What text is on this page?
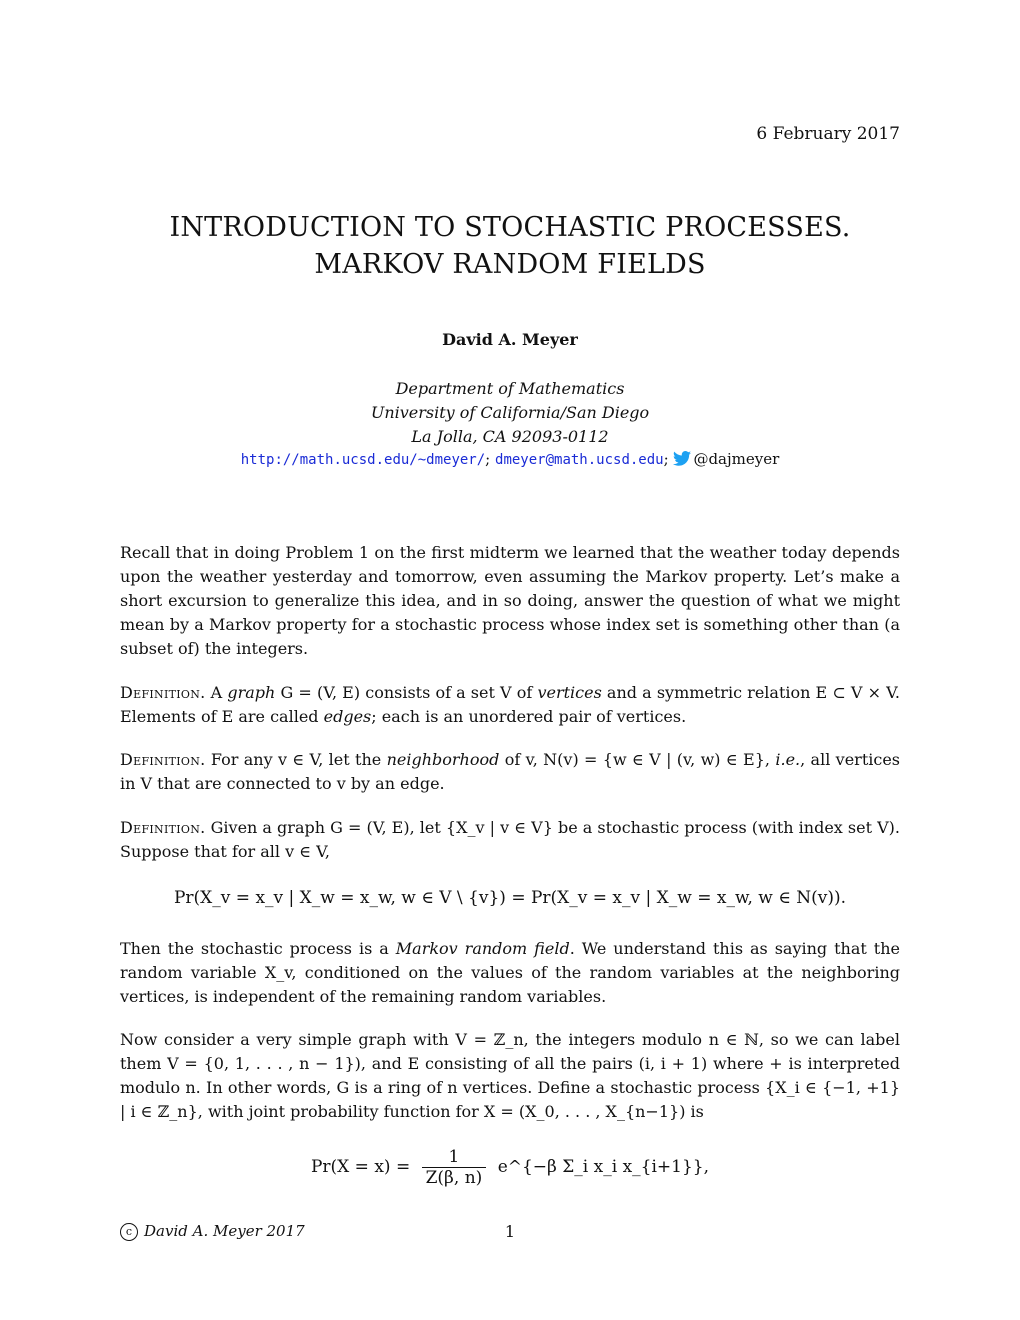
6 February 2017
INTRODUCTION TO STOCHASTIC PROCESSES.
MARKOV RANDOM FIELDS
David A. Meyer
Department of Mathematics
University of California/San Diego
La Jolla, CA 92093-0112
http://math.ucsd.edu/~dmeyer/; dmeyer@math.ucsd.edu; @dajmeyer
Recall that in doing Problem 1 on the first midterm we learned that the weather today depends upon the weather yesterday and tomorrow, even assuming the Markov property. Let’s make a short excursion to generalize this idea, and in so doing, answer the question of what we might mean by a Markov property for a stochastic process whose index set is something other than (a subset of) the integers.
Definition. A graph G = (V, E) consists of a set V of vertices and a symmetric relation E ⊂ V × V. Elements of E are called edges; each is an unordered pair of vertices.
Definition. For any v ∈ V, let the neighborhood of v, N(v) = {w ∈ V | (v, w) ∈ E}, i.e., all vertices in V that are connected to v by an edge.
Definition. Given a graph G = (V, E), let {X_v | v ∈ V} be a stochastic process (with index set V). Suppose that for all v ∈ V,
Pr(X_v = x_v | X_w = x_w, w ∈ V \ {v}) = Pr(X_v = x_v | X_w = x_w, w ∈ N(v)).
Then the stochastic process is a Markov random field. We understand this as saying that the random variable X_v, conditioned on the values of the random variables at the neighboring vertices, is independent of the remaining random variables.
Now consider a very simple graph with V = ℤ_n, the integers modulo n ∈ ℕ, so we can label them V = {0, 1, . . . , n − 1}), and E consisting of all the pairs (i, i + 1) where + is interpreted modulo n. In other words, G is a ring of n vertices. Define a stochastic process {X_i ∈ {−1, +1} | i ∈ ℤ_n}, with joint probability function for X = (X_0, . . . , X_{n−1}) is
$Pr(X = x) = \frac{1}{Z(\beta, n)}$ e^{−β Σ_i x_i x_{i+1}},
c David A. Meyer 2017	1
